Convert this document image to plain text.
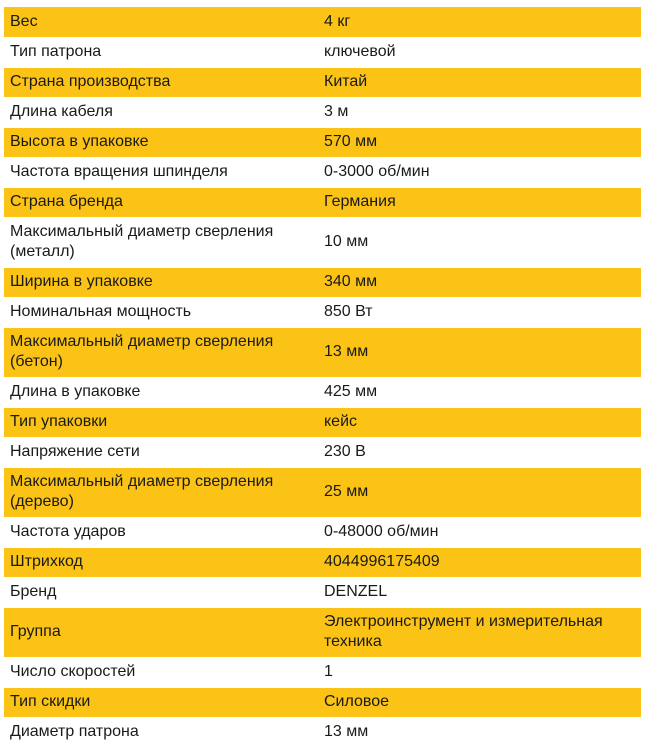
Вес	4 кг
Тип патрона	ключевой
Страна производства	Китай
Длина кабеля	3 м
Высота в упаковке	570 мм
Частота вращения шпинделя	0-3000 об/мин
Страна бренда	Германия
Максимальный диаметр сверления (металл)	10 мм
Ширина в упаковке	340 мм
Номинальная мощность	850 Вт
Максимальный диаметр сверления (бетон)	13 мм
Длина в упаковке	425 мм
Тип упаковки	кейс
Напряжение сети	230 В
Максимальный диаметр сверления (дерево)	25 мм
Частота ударов	0-48000 об/мин
Штрихкод	4044996175409
Бренд	DENZEL
Группа	Электроинструмент и измерительная техника
Число скоростей	1
Тип скидки	Силовое
Диаметр патрона	13 мм
